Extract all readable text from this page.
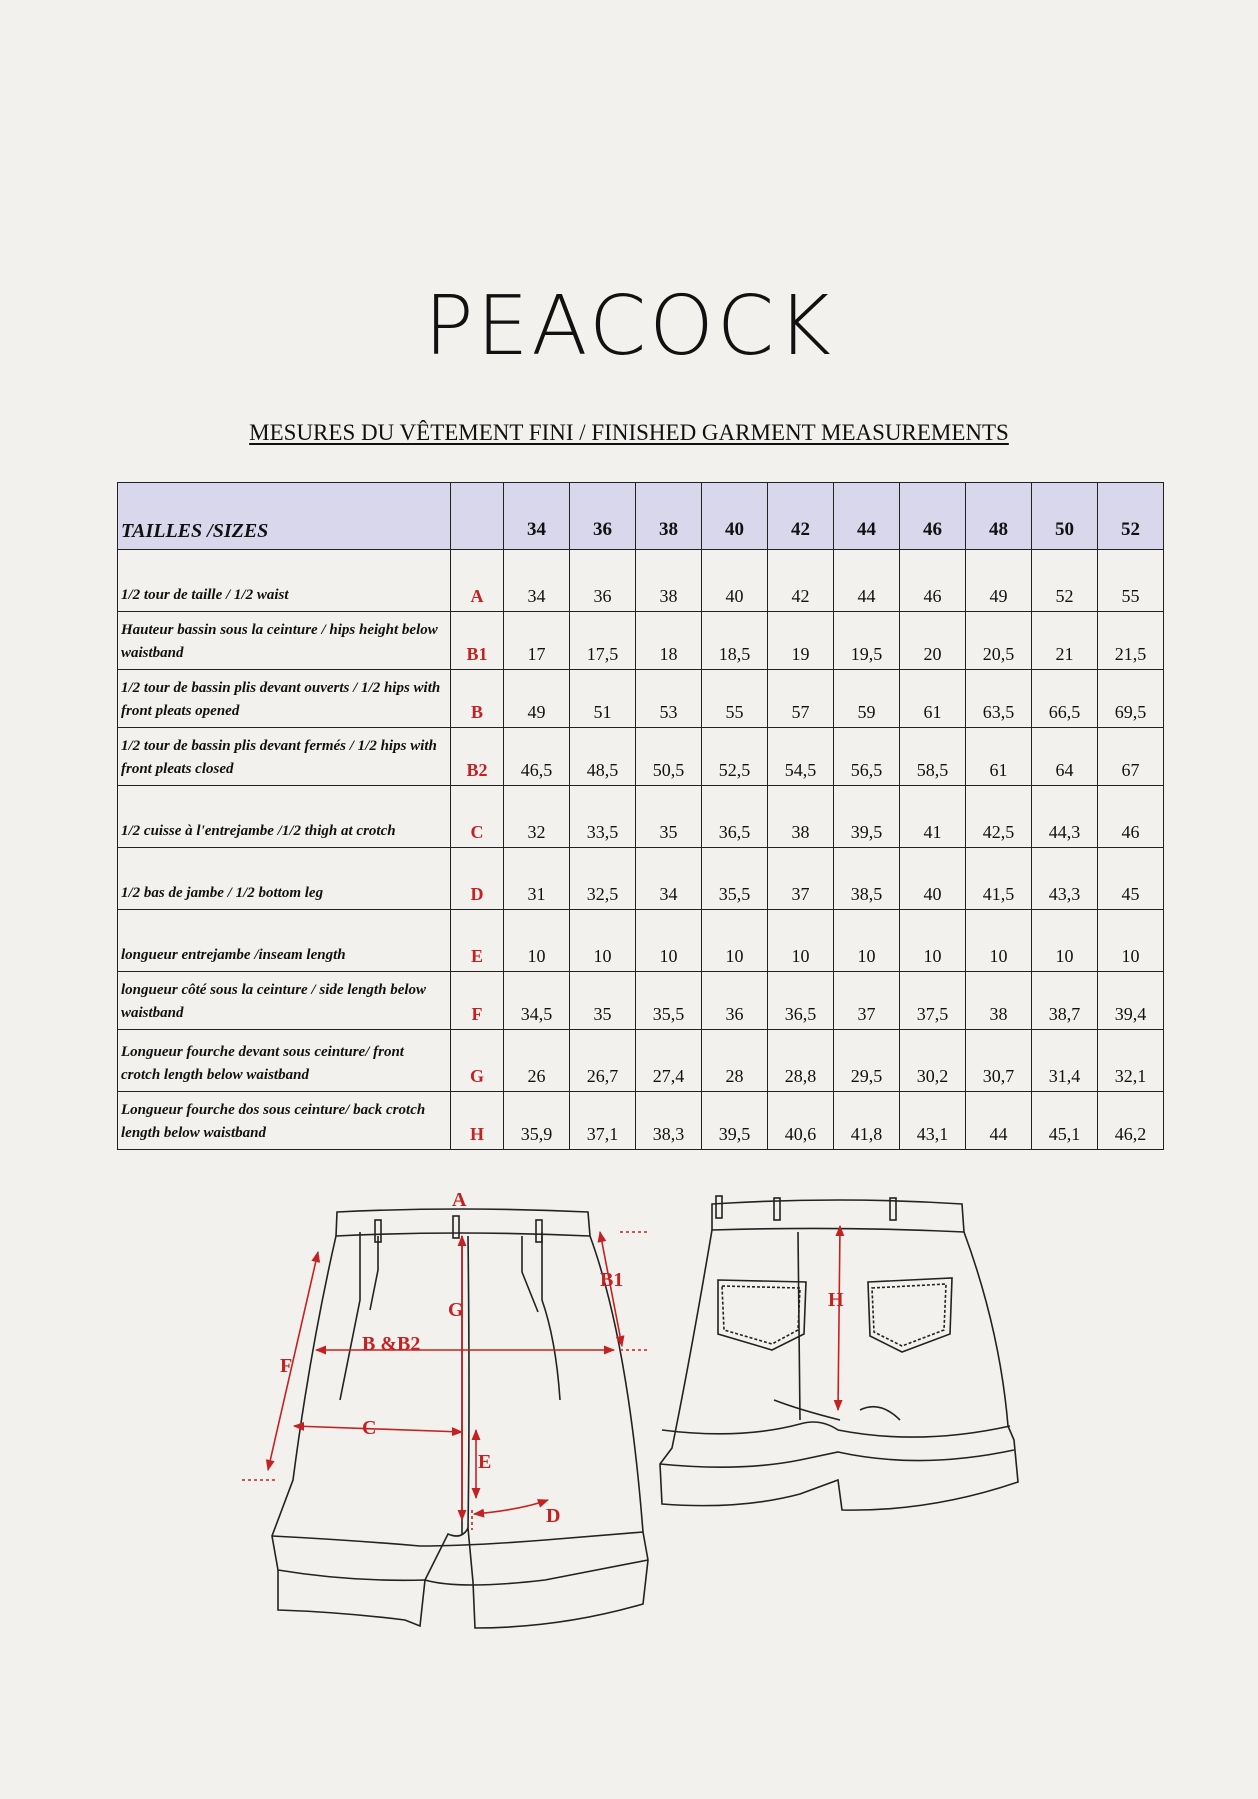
PEACOCK
MESURES DU VÊTEMENT FINI / FINISHED GARMENT MEASUREMENTS
TAILLES /SIZES		34	36	38	40	42	44	46	48	50	52
1/2 tour de taille / 1/2 waist	A	34	36	38	40	42	44	46	49	52	55
Hauteur bassin sous la ceinture / hips height below waistband	B1	17	17,5	18	18,5	19	19,5	20	20,5	21	21,5
1/2 tour de bassin plis devant ouverts / 1/2 hips with front pleats opened	B	49	51	53	55	57	59	61	63,5	66,5	69,5
1/2 tour de bassin plis devant fermés / 1/2 hips with front pleats closed	B2	46,5	48,5	50,5	52,5	54,5	56,5	58,5	61	64	67
1/2 cuisse à l'entrejambe /1/2 thigh at crotch	C	32	33,5	35	36,5	38	39,5	41	42,5	44,3	46
1/2 bas de jambe / 1/2 bottom leg	D	31	32,5	34	35,5	37	38,5	40	41,5	43,3	45
longueur entrejambe /inseam length	E	10	10	10	10	10	10	10	10	10	10
longueur côté sous la ceinture / side length below waistband	F	34,5	35	35,5	36	36,5	37	37,5	38	38,7	39,4
Longueur fourche devant sous ceinture/ front crotch length below waistband	G	26	26,7	27,4	28	28,8	29,5	30,2	30,7	31,4	32,1
Longueur fourche dos sous ceinture/ back crotch length below waistband	H	35,9	37,1	38,3	39,5	40,6	41,8	43,1	44	45,1	46,2
A
B1
G
B &B2
F
C
E
D
H
